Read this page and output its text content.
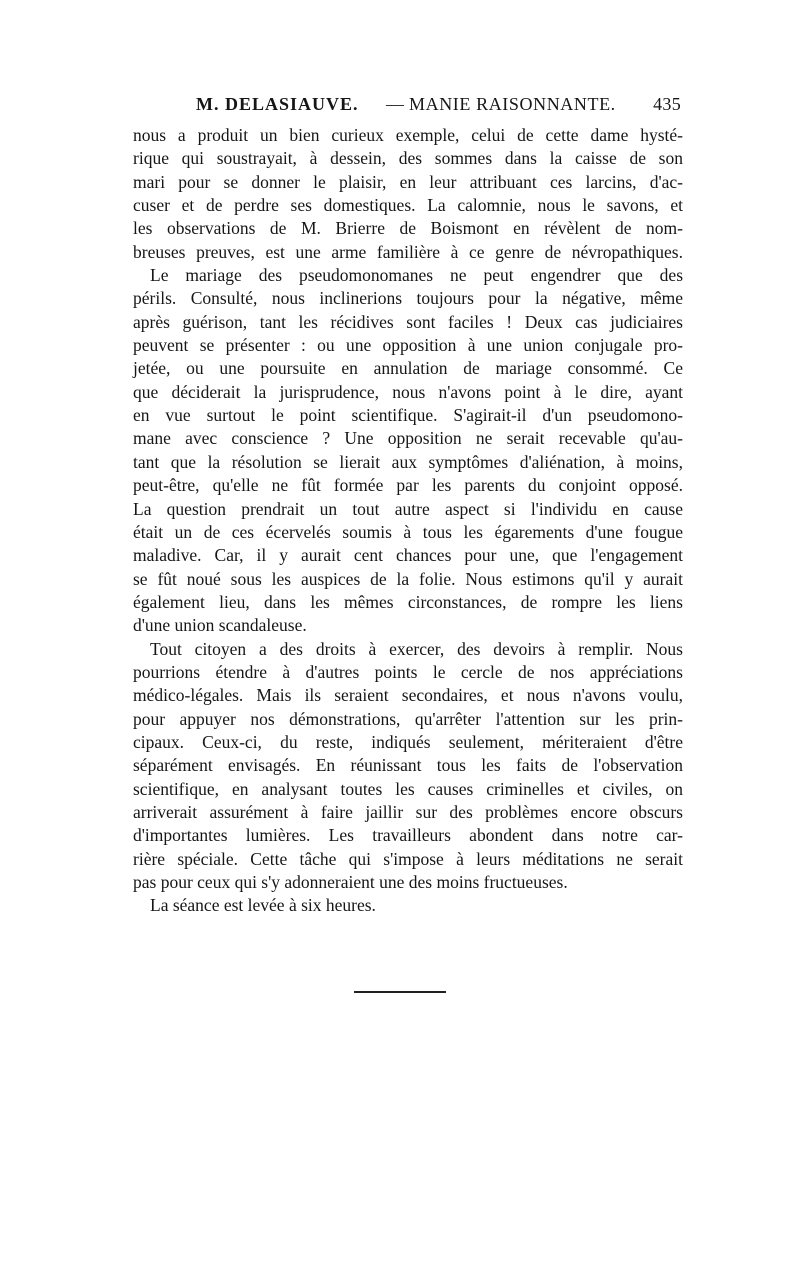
M. DELASIAUVE. — MANIE RAISONNANTE. 435

nous a produit un bien curieux exemple, celui de cette dame hysté-
rique qui soustrayait, à dessein, des sommes dans la caisse de son
mari pour se donner le plaisir, en leur attribuant ces larcins, d'ac-
cuser et de perdre ses domestiques. La calomnie, nous le savons, et
les observations de M. Brierre de Boismont en révèlent de nom-
breuses preuves, est une arme familière à ce genre de névropathiques.

Le mariage des pseudomonomanes ne peut engendrer que des
périls. Consulté, nous inclinerions toujours pour la négative, même
après guérison, tant les récidives sont faciles ! Deux cas judiciaires
peuvent se présenter : ou une opposition à une union conjugale pro-
jetée, ou une poursuite en annulation de mariage consommé. Ce
que déciderait la jurisprudence, nous n'avons point à le dire, ayant
en vue surtout le point scientifique. S'agirait-il d'un pseudomono-
mane avec conscience ? Une opposition ne serait recevable qu'au-
tant que la résolution se lierait aux symptômes d'aliénation, à moins,
peut-être, qu'elle ne fût formée par les parents du conjoint opposé.
La question prendrait un tout autre aspect si l'individu en cause
était un de ces écervelés soumis à tous les égarements d'une fougue
maladive. Car, il y aurait cent chances pour une, que l'engagement
se fût noué sous les auspices de la folie. Nous estimons qu'il y aurait
également lieu, dans les mêmes circonstances, de rompre les liens
d'une union scandaleuse.

Tout citoyen a des droits à exercer, des devoirs à remplir. Nous
pourrions étendre à d'autres points le cercle de nos appréciations
médico-légales. Mais ils seraient secondaires, et nous n'avons voulu,
pour appuyer nos démonstrations, qu'arrêter l'attention sur les prin-
cipaux. Ceux-ci, du reste, indiqués seulement, mériteraient d'être
séparément envisagés. En réunissant tous les faits de l'observation
scientifique, en analysant toutes les causes criminelles et civiles, on
arriverait assurément à faire jaillir sur des problèmes encore obscurs
d'importantes lumières. Les travailleurs abondent dans notre car-
rière spéciale. Cette tâche qui s'impose à leurs méditations ne serait
pas pour ceux qui s'y adonneraient une des moins fructueuses.

La séance est levée à six heures.
